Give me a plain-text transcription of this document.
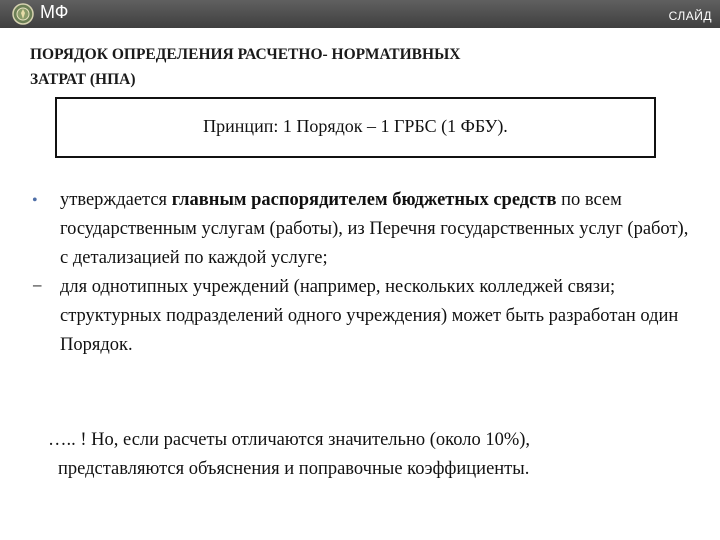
МФ	СЛАЙД
ПОРЯДОК ОПРЕДЕЛЕНИЯ РАСЧЕТНО- НОРМАТИВНЫХ
ЗАТРАТ (НПА)
Принцип: 1 Порядок – 1 ГРБС (1 ФБУ).
• утверждается главным распорядителем бюджетных средств по всем государственным услугам (работы), из Перечня государственных услуг (работ), с детализацией по каждой услуге;
− для однотипных учреждений (например, нескольких колледжей связи; структурных подразделений одного учреждения) может быть разработан один Порядок.
….. ! Но, если расчеты отличаются значительно (около 10%),
представляются объяснения и поправочные коэффициенты.
